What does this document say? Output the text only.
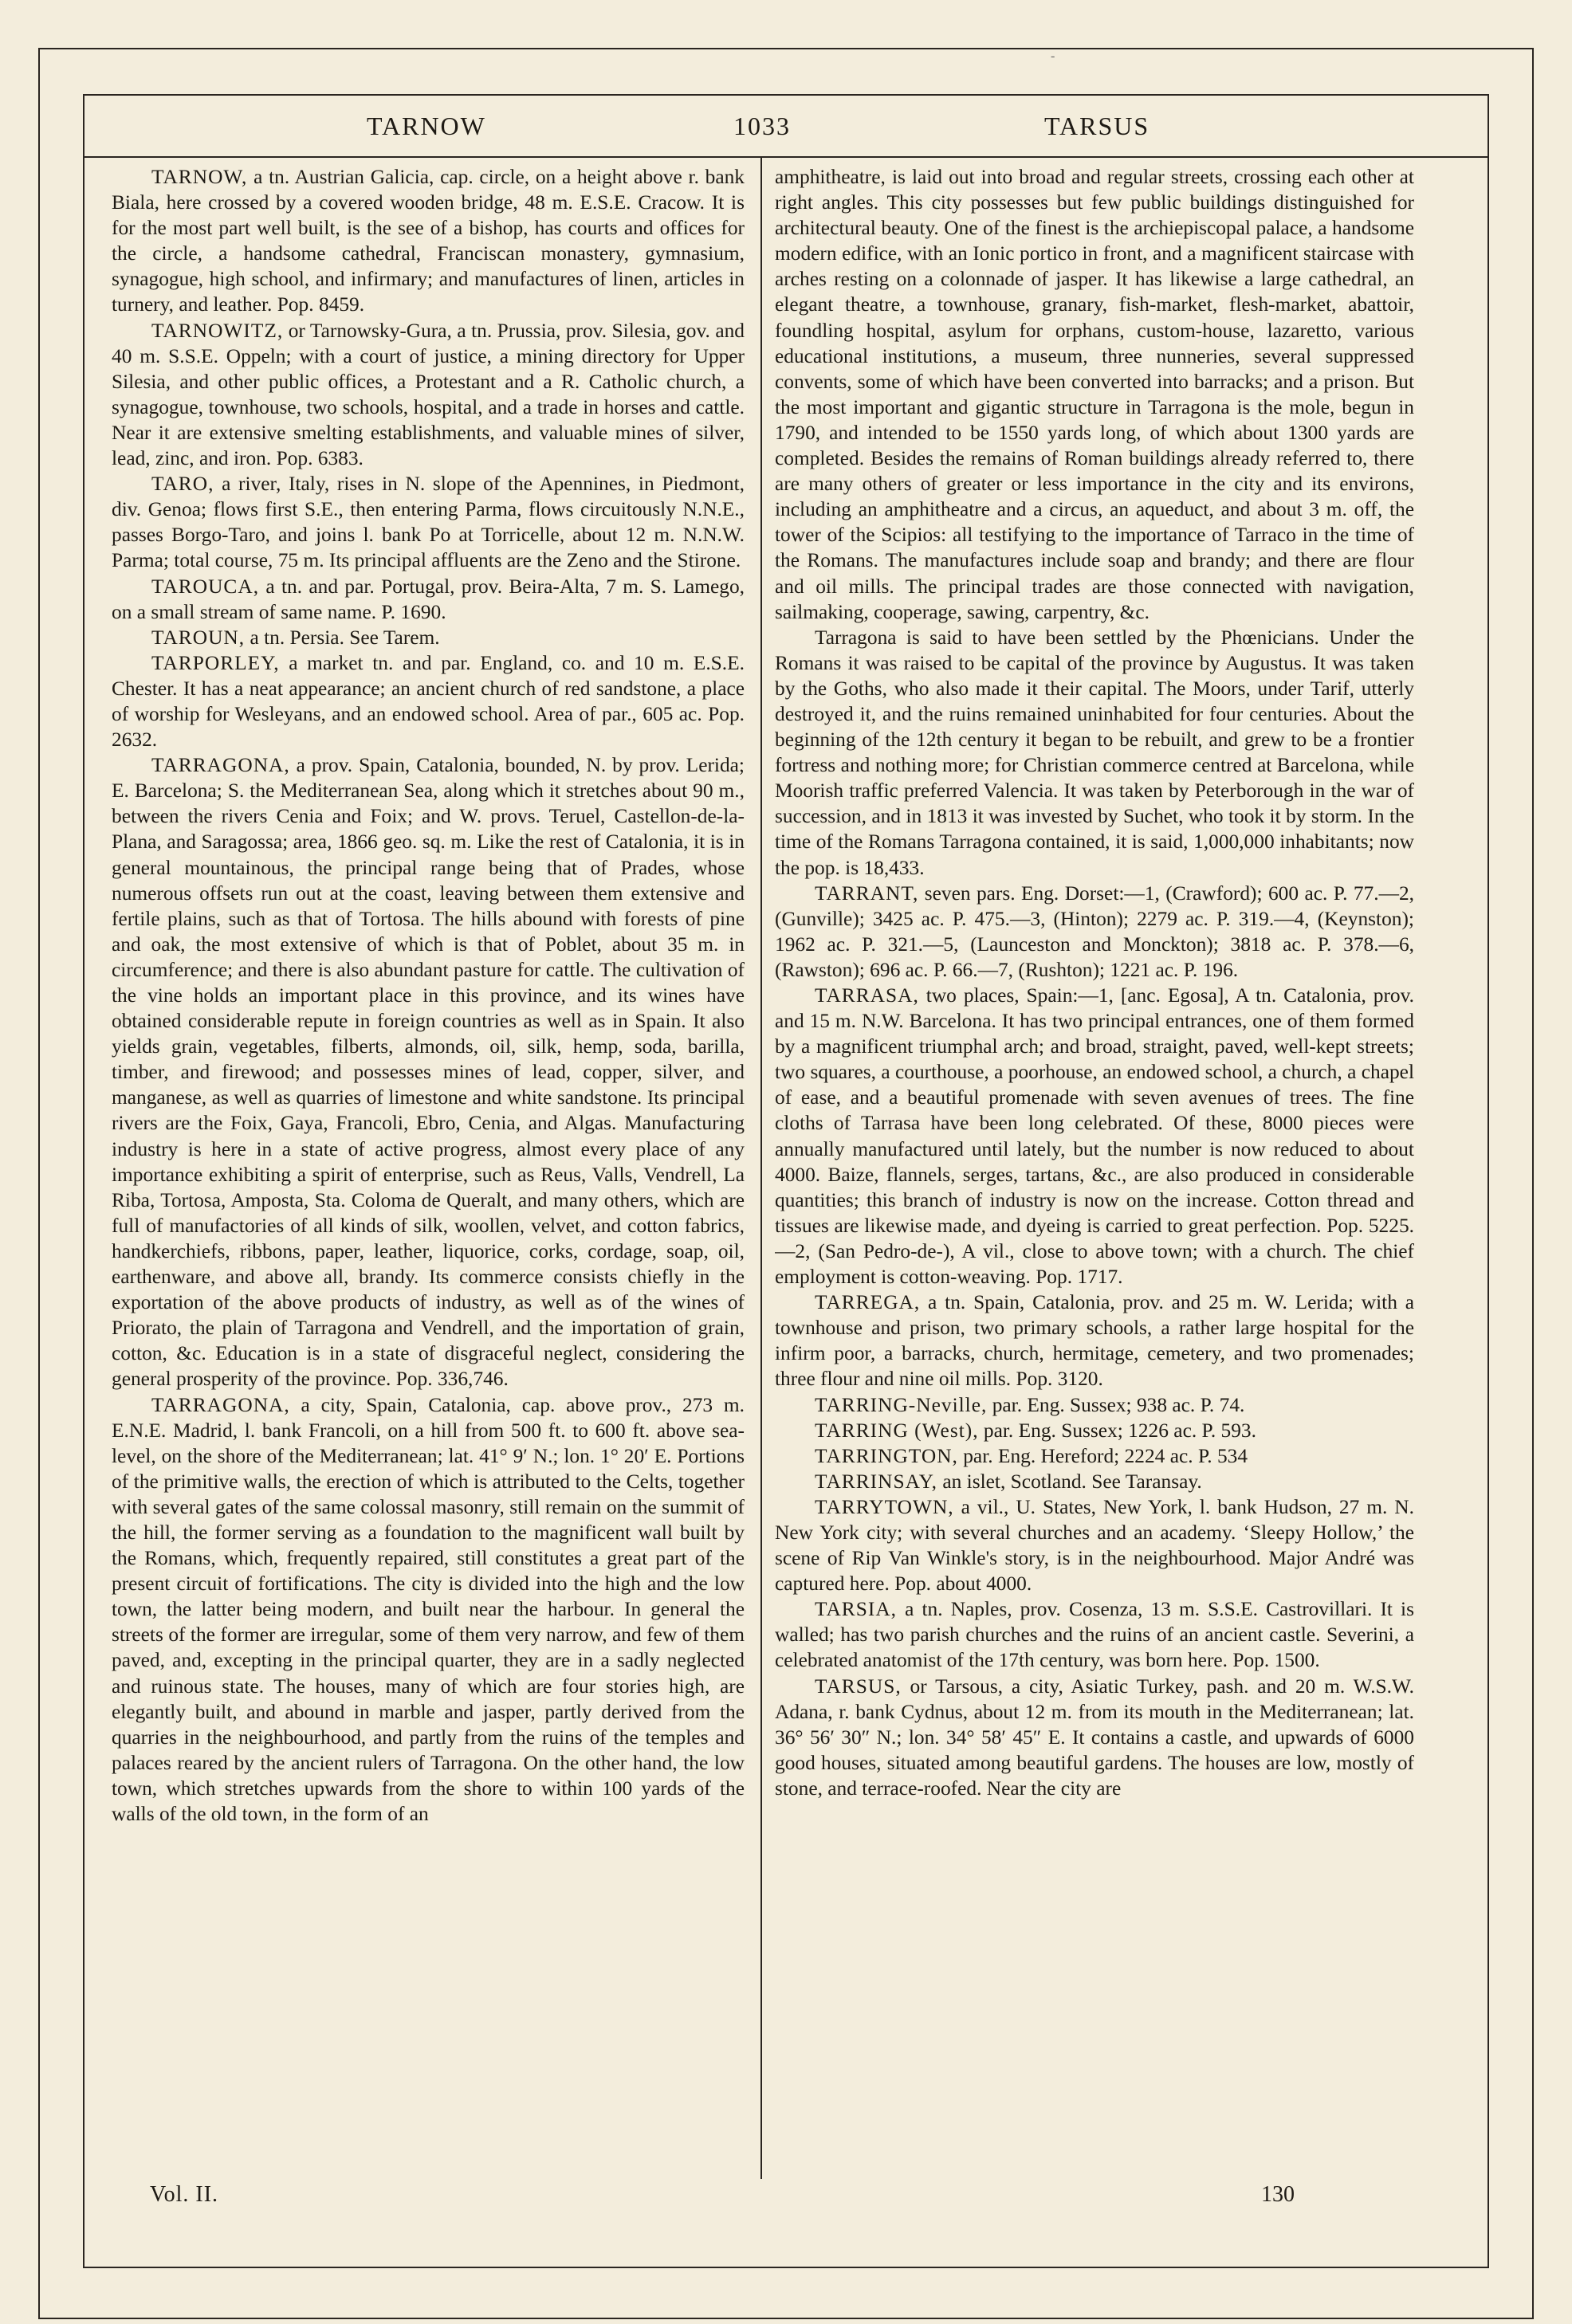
-
TARNOW	1033	TARSUS

TARNOW, a tn. Austrian Galicia, cap. circle, on a height above r. bank Biala, here crossed by a covered wooden bridge, 48 m. E.S.E. Cracow. It is for the most part well built, is the see of a bishop, has courts and offices for the circle, a handsome cathedral, Franciscan monastery, gymnasium, synagogue, high school, and infirmary; and manufactures of linen, articles in turnery, and leather. Pop. 8459.

TARNOWITZ, or Tarnowsky-Gura, a tn. Prussia, prov. Silesia, gov. and 40 m. S.S.E. Oppeln; with a court of justice, a mining directory for Upper Silesia, and other public offices, a Protestant and a R. Catholic church, a synagogue, townhouse, two schools, hospital, and a trade in horses and cattle. Near it are extensive smelting establishments, and valuable mines of silver, lead, zinc, and iron. Pop. 6383.

TARO, a river, Italy, rises in N. slope of the Apennines, in Piedmont, div. Genoa; flows first S.E., then entering Parma, flows circuitously N.N.E., passes Borgo-Taro, and joins l. bank Po at Torricelle, about 12 m. N.N.W. Parma; total course, 75 m. Its principal affluents are the Zeno and the Stirone.

TAROUCA, a tn. and par. Portugal, prov. Beira-Alta, 7 m. S. Lamego, on a small stream of same name. P. 1690.

TAROUN, a tn. Persia. See Tarem.

TARPORLEY, a market tn. and par. England, co. and 10 m. E.S.E. Chester. It has a neat appearance; an ancient church of red sandstone, a place of worship for Wesleyans, and an endowed school. Area of par., 605 ac. Pop. 2632.

TARRAGONA, a prov. Spain, Catalonia, bounded, N. by prov. Lerida; E. Barcelona; S. the Mediterranean Sea, along which it stretches about 90 m., between the rivers Cenia and Foix; and W. provs. Teruel, Castellon-de-la-Plana, and Saragossa; area, 1866 geo. sq. m. Like the rest of Catalonia, it is in general mountainous, the principal range being that of Prades, whose numerous offsets run out at the coast, leaving between them extensive and fertile plains, such as that of Tortosa. The hills abound with forests of pine and oak, the most extensive of which is that of Poblet, about 35 m. in circumference; and there is also abundant pasture for cattle. The cultivation of the vine holds an important place in this province, and its wines have obtained considerable repute in foreign countries as well as in Spain. It also yields grain, vegetables, filberts, almonds, oil, silk, hemp, soda, barilla, timber, and firewood; and possesses mines of lead, copper, silver, and manganese, as well as quarries of limestone and white sandstone. Its principal rivers are the Foix, Gaya, Francoli, Ebro, Cenia, and Algas. Manufacturing industry is here in a state of active progress, almost every place of any importance exhibiting a spirit of enterprise, such as Reus, Valls, Vendrell, La Riba, Tortosa, Amposta, Sta. Coloma de Queralt, and many others, which are full of manufactories of all kinds of silk, woollen, velvet, and cotton fabrics, handkerchiefs, ribbons, paper, leather, liquorice, corks, cordage, soap, oil, earthenware, and above all, brandy. Its commerce consists chiefly in the exportation of the above products of industry, as well as of the wines of Priorato, the plain of Tarragona and Vendrell, and the importation of grain, cotton, &c. Education is in a state of disgraceful neglect, considering the general prosperity of the province. Pop. 336,746.

TARRAGONA, a city, Spain, Catalonia, cap. above prov., 273 m. E.N.E. Madrid, l. bank Francoli, on a hill from 500 ft. to 600 ft. above sea-level, on the shore of the Mediterranean; lat. 41° 9′ N.; lon. 1° 20′ E. Portions of the primitive walls, the erection of which is attributed to the Celts, together with several gates of the same colossal masonry, still remain on the summit of the hill, the former serving as a foundation to the magnificent wall built by the Romans, which, frequently repaired, still constitutes a great part of the present circuit of fortifications. The city is divided into the high and the low town, the latter being modern, and built near the harbour. In general the streets of the former are irregular, some of them very narrow, and few of them paved, and, excepting in the principal quarter, they are in a sadly neglected and ruinous state. The houses, many of which are four stories high, are elegantly built, and abound in marble and jasper, partly derived from the quarries in the neighbourhood, and partly from the ruins of the temples and palaces reared by the ancient rulers of Tarragona. On the other hand, the low town, which stretches upwards from the shore to within 100 yards of the walls of the old town, in the form of an

amphitheatre, is laid out into broad and regular streets, crossing each other at right angles. This city possesses but few public buildings distinguished for architectural beauty. One of the finest is the archiepiscopal palace, a handsome modern edifice, with an Ionic portico in front, and a magnificent staircase with arches resting on a colonnade of jasper. It has likewise a large cathedral, an elegant theatre, a townhouse, granary, fish-market, flesh-market, abattoir, foundling hospital, asylum for orphans, custom-house, lazaretto, various educational institutions, a museum, three nunneries, several suppressed convents, some of which have been converted into barracks; and a prison. But the most important and gigantic structure in Tarragona is the mole, begun in 1790, and intended to be 1550 yards long, of which about 1300 yards are completed. Besides the remains of Roman buildings already referred to, there are many others of greater or less importance in the city and its environs, including an amphitheatre and a circus, an aqueduct, and about 3 m. off, the tower of the Scipios: all testifying to the importance of Tarraco in the time of the Romans. The manufactures include soap and brandy; and there are flour and oil mills. The principal trades are those connected with navigation, sailmaking, cooperage, sawing, carpentry, &c.

Tarragona is said to have been settled by the Phœnicians. Under the Romans it was raised to be capital of the province by Augustus. It was taken by the Goths, who also made it their capital. The Moors, under Tarif, utterly destroyed it, and the ruins remained uninhabited for four centuries. About the beginning of the 12th century it began to be rebuilt, and grew to be a frontier fortress and nothing more; for Christian commerce centred at Barcelona, while Moorish traffic preferred Valencia. It was taken by Peterborough in the war of succession, and in 1813 it was invested by Suchet, who took it by storm. In the time of the Romans Tarragona contained, it is said, 1,000,000 inhabitants; now the pop. is 18,433.

TARRANT, seven pars. Eng. Dorset:—1, (Crawford); 600 ac. P. 77.—2, (Gunville); 3425 ac. P. 475.—3, (Hinton); 2279 ac. P. 319.—4, (Keynston); 1962 ac. P. 321.—5, (Launceston and Monckton); 3818 ac. P. 378.—6, (Rawston); 696 ac. P. 66.—7, (Rushton); 1221 ac. P. 196.

TARRASA, two places, Spain:—1, [anc. Egosa], A tn. Catalonia, prov. and 15 m. N.W. Barcelona. It has two principal entrances, one of them formed by a magnificent triumphal arch; and broad, straight, paved, well-kept streets; two squares, a courthouse, a poorhouse, an endowed school, a church, a chapel of ease, and a beautiful promenade with seven avenues of trees. The fine cloths of Tarrasa have been long celebrated. Of these, 8000 pieces were annually manufactured until lately, but the number is now reduced to about 4000. Baize, flannels, serges, tartans, &c., are also produced in considerable quantities; this branch of industry is now on the increase. Cotton thread and tissues are likewise made, and dyeing is carried to great perfection. Pop. 5225.—2, (San Pedro-de-), A vil., close to above town; with a church. The chief employment is cotton-weaving. Pop. 1717.

TARREGA, a tn. Spain, Catalonia, prov. and 25 m. W. Lerida; with a townhouse and prison, two primary schools, a rather large hospital for the infirm poor, a barracks, church, hermitage, cemetery, and two promenades; three flour and nine oil mills. Pop. 3120.

TARRING-Neville, par. Eng. Sussex; 938 ac. P. 74.

TARRING (West), par. Eng. Sussex; 1226 ac. P. 593.

TARRINGTON, par. Eng. Hereford; 2224 ac. P. 534

TARRINSAY, an islet, Scotland. See Taransay.

TARRYTOWN, a vil., U. States, New York, l. bank Hudson, 27 m. N. New York city; with several churches and an academy. ‘Sleepy Hollow,’ the scene of Rip Van Winkle's story, is in the neighbourhood. Major André was captured here. Pop. about 4000.

TARSIA, a tn. Naples, prov. Cosenza, 13 m. S.S.E. Castrovillari. It is walled; has two parish churches and the ruins of an ancient castle. Severini, a celebrated anatomist of the 17th century, was born here. Pop. 1500.

TARSUS, or Tarsous, a city, Asiatic Turkey, pash. and 20 m. W.S.W. Adana, r. bank Cydnus, about 12 m. from its mouth in the Mediterranean; lat. 36° 56′ 30″ N.; lon. 34° 58′ 45″ E. It contains a castle, and upwards of 6000 good houses, situated among beautiful gardens. The houses are low, mostly of stone, and terrace-roofed. Near the city are

Vol. II.	130
